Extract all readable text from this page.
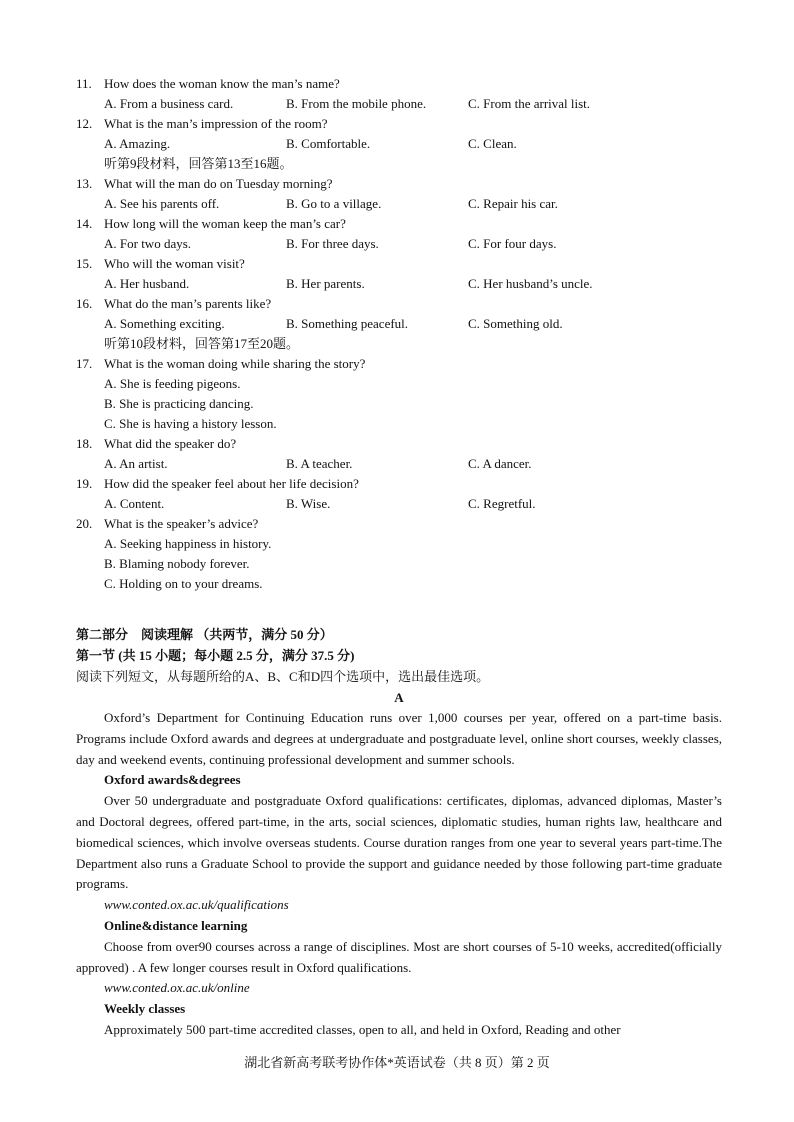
11. How does the woman know the man’s name?
A. From a business card.	B. From the mobile phone.	C. From the arrival list.
12. What is the man’s impression of the room?
A. Amazing.	B. Comfortable.	C. Clean.
听第9段材料，回答第13至16题。
13. What will the man do on Tuesday morning?
A. See his parents off.	B. Go to a village.	C. Repair his car.
14. How long will the woman keep the man’s car?
A. For two days.	B. For three days.	C. For four days.
15. Who will the woman visit?
A. Her husband.	B. Her parents.	C. Her husband’s uncle.
16. What do the man’s parents like?
A. Something exciting.	B. Something peaceful.	C. Something old.
听第10段材料，回答第17至20题。
17. What is the woman doing while sharing the story?
A. She is feeding pigeons.
B. She is practicing dancing.
C. She is having a history lesson.
18. What did the speaker do?
A. An artist.	B. A teacher.	C. A dancer.
19. How did the speaker feel about her life decision?
A. Content.	B. Wise.	C. Regretful.
20. What is the speaker’s advice?
A. Seeking happiness in history.
B. Blaming nobody forever.
C. Holding on to your dreams.
第二部分　阅读理解 （共两节，满分 50 分）
第一节 (共 15 小题；每小题 2.5 分，满分 37.5 分)
阅读下列短文，从每题所给的A、B、C和D四个选项中，选出最佳选项。
A

Oxford’s Department for Continuing Education runs over 1,000 courses per year, offered on a part-time basis. Programs include Oxford awards and degrees at undergraduate and postgraduate level, online short courses, weekly classes, day and weekend events, continuing professional development and summer schools.

Oxford awards&degrees

Over 50 undergraduate and postgraduate Oxford qualifications: certificates, diplomas, advanced diplomas, Master’s and Doctoral degrees, offered part-time, in the arts, social sciences, diplomatic studies, human rights law, healthcare and biomedical sciences, which involve overseas students. Course duration ranges from one year to several years part-time.The Department also runs a Graduate School to provide the support and guidance needed by those following part-time graduate programs.

www.conted.ox.ac.uk/qualifications
Online&distance learning

Choose from over90 courses across a range of disciplines. Most are short courses of 5-10 weeks, accredited(officially approved) . A few longer courses result in Oxford qualifications.

www.conted.ox.ac.uk/online
Weekly classes

Approximately 500 part-time accredited classes, open to all, and held in Oxford, Reading and other

湖北省新高考联考协作体*英语试卷（共 8 页）第 2 页
